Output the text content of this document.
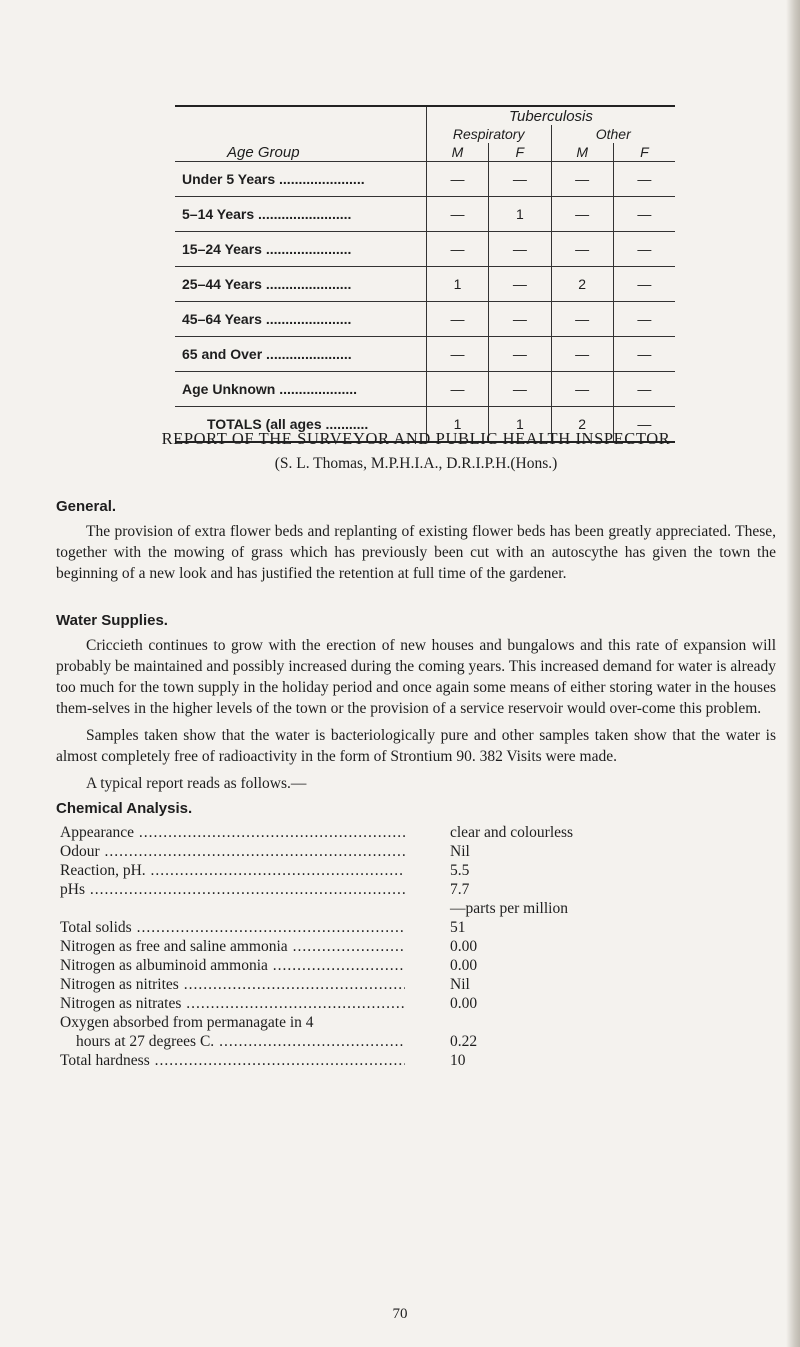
	Tuberculosis			
	Respiratory		Other	
Age Group	M	F	M	F
Under 5 Years ......................	—	—	—	—
5–14 Years ........................	—	1	—	—
15–24 Years ......................	—	—	—	—
25–44 Years ......................	1	—	2	—
45–64 Years ......................	—	—	—	—
65 and Over ......................	—	—	—	—
Age Unknown ....................	—	—	—	—
TOTALS (all ages ...........	1	1	2	—

REPORT OF THE SURVEYOR AND PUBLIC HEALTH INSPECTOR

(S. L. Thomas, M.P.H.I.A., D.R.I.P.H.(Hons.)

General.

The provision of extra flower beds and replanting of existing flower beds has been greatly appreciated. These, together with the mowing of grass which has previously been cut with an autoscythe has given the town the beginning of a new look and has justified the retention at full time of the gardener.

Water Supplies.

Criccieth continues to grow with the erection of new houses and bungalows and this rate of expansion will probably be maintained and possibly increased during the coming years. This increased demand for water is already too much for the town supply in the holiday period and once again some means of either storing water in the houses them-selves in the higher levels of the town or the provision of a service reservoir would over-come this problem.

Samples taken show that the water is bacteriologically pure and other samples taken show that the water is almost completely free of radioactivity in the form of Strontium 90. 382 Visits were made.

A typical report reads as follows.—

Chemical Analysis.
Appearance .....	clear and colourless
Odour .....	Nil
Reaction, pH. .....	5.5
pHs .....	7.7
—parts per million
Total solids .....	51
Nitrogen as free and saline ammonia .....	0.00
Nitrogen as albuminoid ammonia .....	0.00
Nitrogen as nitrites .....	Nil
Nitrogen as nitrates .....	0.00
Oxygen absorbed from permanagate in 4
hours at 27 degrees C. .....	0.22
Total hardness .....	10
70
